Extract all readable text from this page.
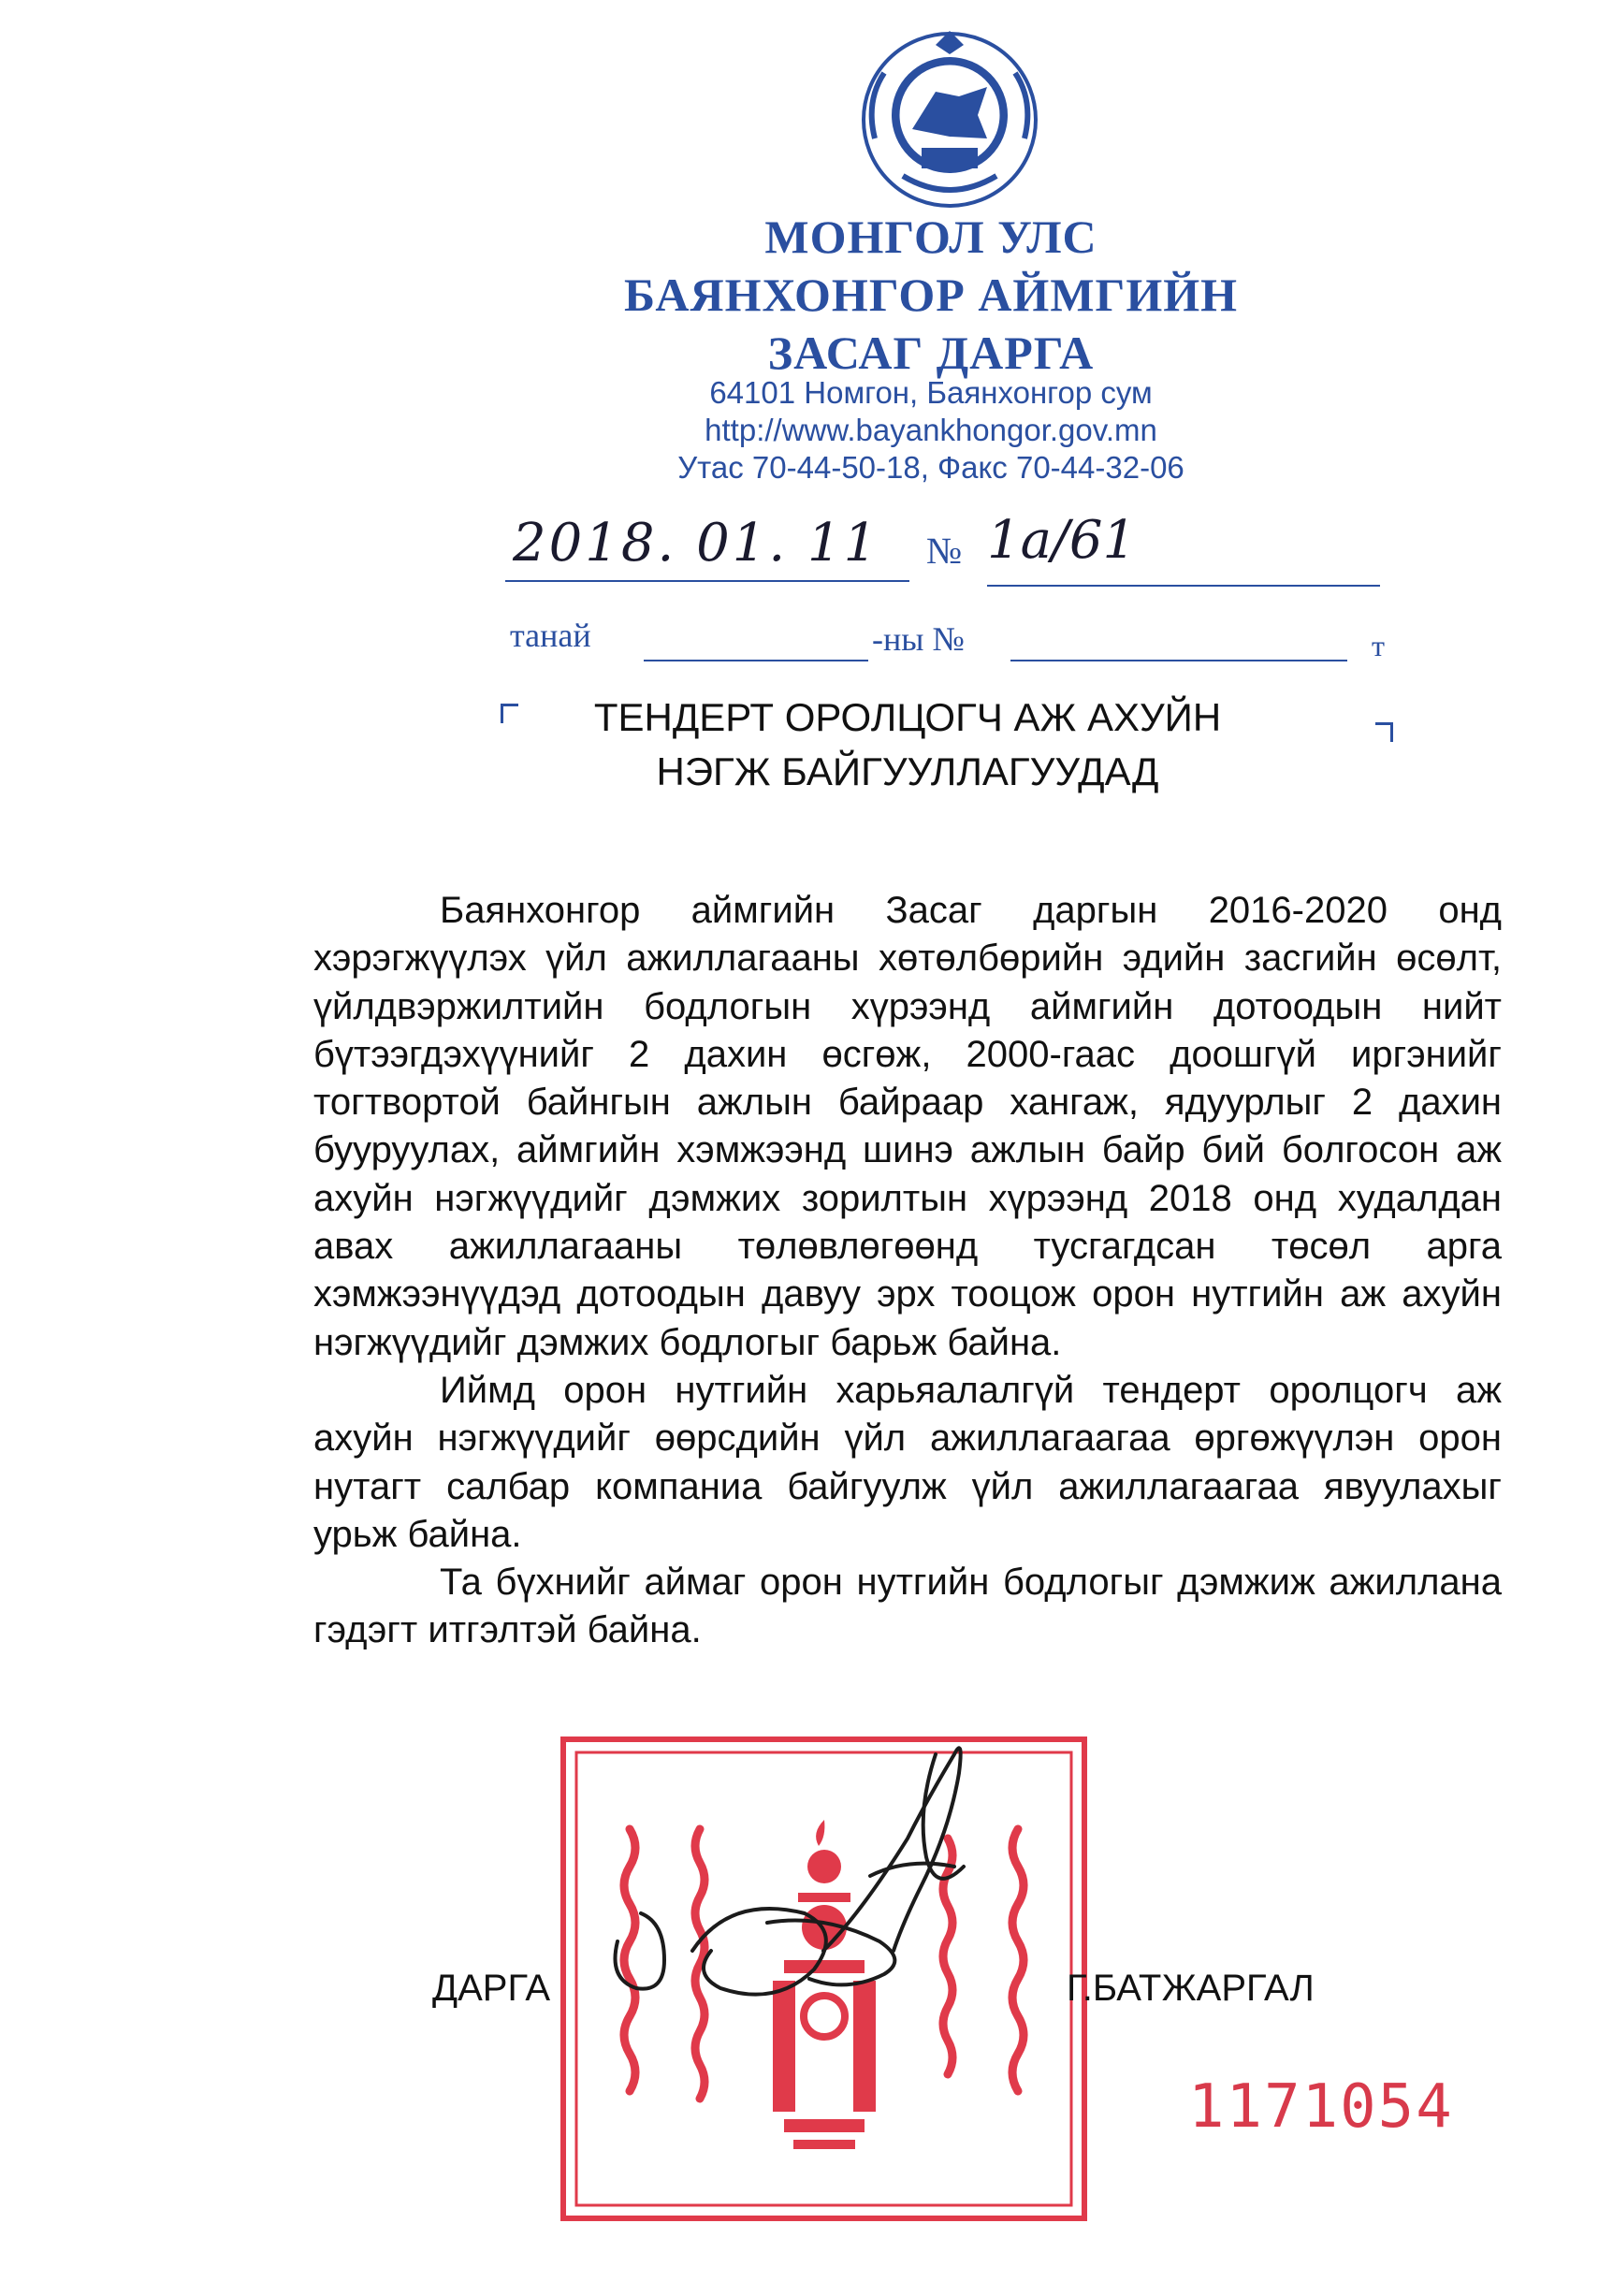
МОНГОЛ УЛС
БАЯНХОНГОР АЙМГИЙН
ЗАСАГ ДАРГА
64101 Номгон, Баянхонгор сум
http://www.bayankhongor.gov.mn
Утас 70-44-50-18, Факс 70-44-32-06
2018. 01. 11 № 1а/61
танай	-ны №	т
ТЕНДЕРТ ОРОЛЦОГЧ АЖ АХУЙН
НЭГЖ БАЙГУУЛЛАГУУДАД

Баянхонгор аймгийн Засаг даргын 2016-2020 онд хэрэгжүүлэх үйл ажиллагааны хөтөлбөрийн эдийн засгийн өсөлт, үйлдвэржилтийн бодлогын хүрээнд аймгийн дотоодын нийт бүтээгдэхүүнийг 2 дахин өсгөж, 2000-гаас доошгүй иргэнийг тогтвортой байнгын ажлын байраар хангаж, ядуурлыг 2 дахин бууруулах, аймгийн хэмжээнд шинэ ажлын байр бий болгосон аж ахуйн нэгжүүдийг дэмжих зорилтын хүрээнд 2018 онд худалдан авах ажиллагааны төлөвлөгөөнд тусгагдсан төсөл арга хэмжээнүүдэд дотоодын давуу эрх тооцож орон нутгийн аж ахуйн нэгжүүдийг дэмжих бодлогыг барьж байна.

Иймд орон нутгийн харьяалалгүй тендерт оролцогч аж ахуйн нэгжүүдийг өөрсдийн үйл ажиллагаагаа өргөжүүлэн орон нутагт салбар компаниа байгуулж үйл ажиллагаагаа явуулахыг урьж байна.

Та бүхнийг аймаг орон нутгийн бодлогыг дэмжиж ажиллана гэдэгт итгэлтэй байна.

ДАРГА	Г.БАТЖАРГАЛ
1171054
